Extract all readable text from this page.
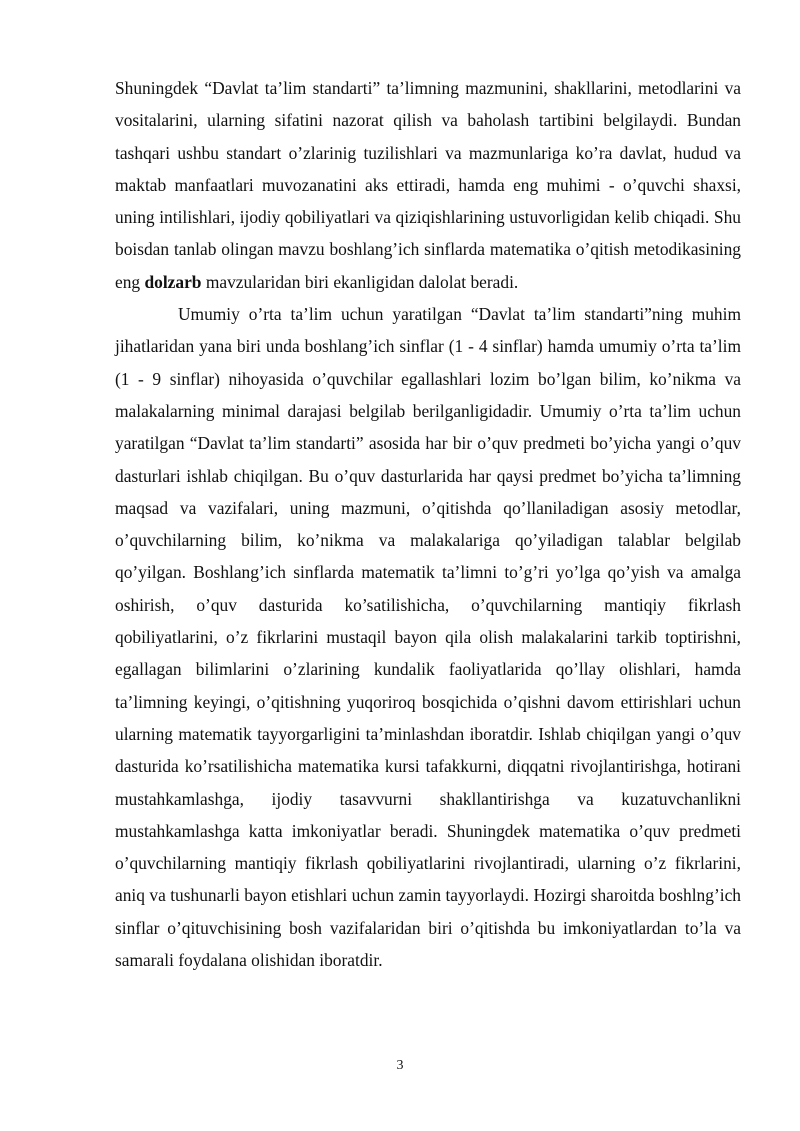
Shuningdek “Davlat ta’lim standarti” ta’limning mazmunini, shakllarini, metodlarini va vositalarini, ularning sifatini nazorat qilish va baholash tartibini belgilaydi. Bundan tashqari ushbu standart o’zlarinig tuzilishlari va mazmunlariga ko’ra davlat, hudud va maktab manfaatlari muvozanatini aks ettiradi, hamda eng muhimi - o’quvchi shaxsi, uning intilishlari, ijodiy qobiliyatlari va qiziqishlarining ustuvorligidan kelib chiqadi. Shu boisdan tanlab olingan mavzu boshlang’ich sinflarda matematika o’qitish metodikasining eng dolzarb mavzularidan biri ekanligidan dalolat beradi.

Umumiy o’rta ta’lim uchun yaratilgan “Davlat ta’lim standarti”ning muhim jihatlaridan yana biri unda boshlang’ich sinflar (1 - 4 sinflar) hamda umumiy o’rta ta’lim (1 - 9 sinflar) nihoyasida o’quvchilar egallashlari lozim bo’lgan bilim, ko’nikma va malakalarning minimal darajasi belgilab berilganligidadir. Umumiy o’rta ta’lim uchun yaratilgan “Davlat ta’lim standarti” asosida har bir o’quv predmeti bo’yicha yangi o’quv dasturlari ishlab chiqilgan. Bu o’quv dasturlarida har qaysi predmet bo’yicha ta’limning maqsad va vazifalari, uning mazmuni, o’qitishda qo’llaniladigan asosiy metodlar, o’quvchilarning bilim, ko’nikma va malakalariga qo’yiladigan talablar belgilab qo’yilgan. Boshlang’ich sinflarda matematik ta’limni to’g’ri yo’lga qo’yish va amalga oshirish, o’quv dasturida ko’satilishicha, o’quvchilarning mantiqiy fikrlash qobiliyatlarini, o’z fikrlarini mustaqil bayon qila olish malakalarini tarkib toptirishni, egallagan bilimlarini o’zlarining kundalik faoliyatlarida qo’llay olishlari, hamda ta’limning keyingi, o’qitishning yuqoriroq bosqichida o’qishni davom ettirishlari uchun ularning matematik tayyorgarligini ta’minlashdan iboratdir. Ishlab chiqilgan yangi o’quv dasturida ko’rsatilishicha matematika kursi tafakkurni, diqqatni rivojlantirishga, hotirani mustahkamlashga, ijodiy tasavvurni shakllantirishga va kuzatuvchanlikni mustahkamlashga katta imkoniyatlar beradi. Shuningdek matematika o’quv predmeti o’quvchilarning mantiqiy fikrlash qobiliyatlarini rivojlantiradi, ularning o’z fikrlarini, aniq va tushunarli bayon etishlari uchun zamin tayyorlaydi. Hozirgi sharoitda boshlng’ich sinflar o’qituvchisining bosh vazifalaridan biri o’qitishda bu imkoniyatlardan to’la va samarali foydalana olishidan iboratdir.

3
